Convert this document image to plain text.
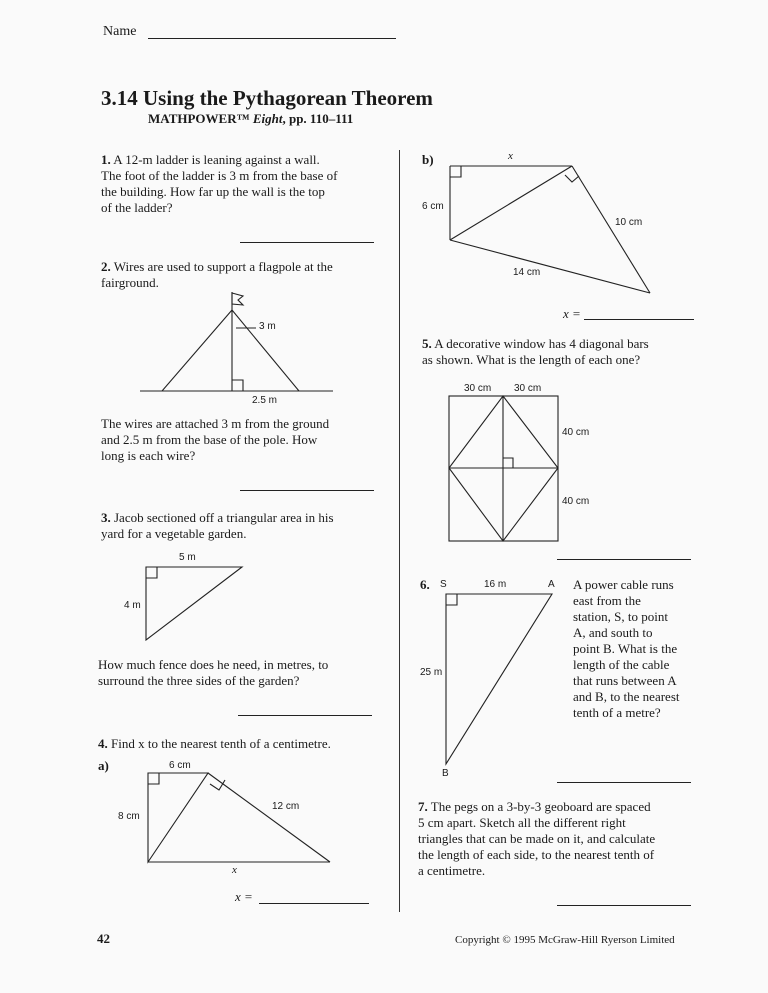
Name
3.14 Using the Pythagorean Theorem
MATHPOWER™ Eight, pp. 110–111
1. A 12-m ladder is leaning against a wall.
The foot of the ladder is 3 m from the base of
the building. How far up the wall is the top
of the ladder?
2. Wires are used to support a flagpole at the
fairground.
3 m
2.5 m
The wires are attached 3 m from the ground
and 2.5 m from the base of the pole. How
long is each wire?
3. Jacob sectioned off a triangular area in his
yard for a vegetable garden.
5 m
4 m
How much fence does he need, in metres, to
surround the three sides of the garden?
4. Find x to the nearest tenth of a centimetre.
a)	6 cm
8 cm
12 cm
x
x =
b)	x
6 cm
10 cm
14 cm
x =
5. A decorative window has 4 diagonal bars
as shown. What is the length of each one?
30 cm 30 cm
40 cm
40 cm
6. S	16 m	A
25 m
B
A power cable runs
east from the
station, S, to point
A, and south to
point B. What is the
length of the cable
that runs between A
and B, to the nearest
tenth of a metre?
7. The pegs on a 3-by-3 geoboard are spaced
5 cm apart. Sketch all the different right
triangles that can be made on it, and calculate
the length of each side, to the nearest tenth of
a centimetre.
42	Copyright © 1995 McGraw-Hill Ryerson Limited
